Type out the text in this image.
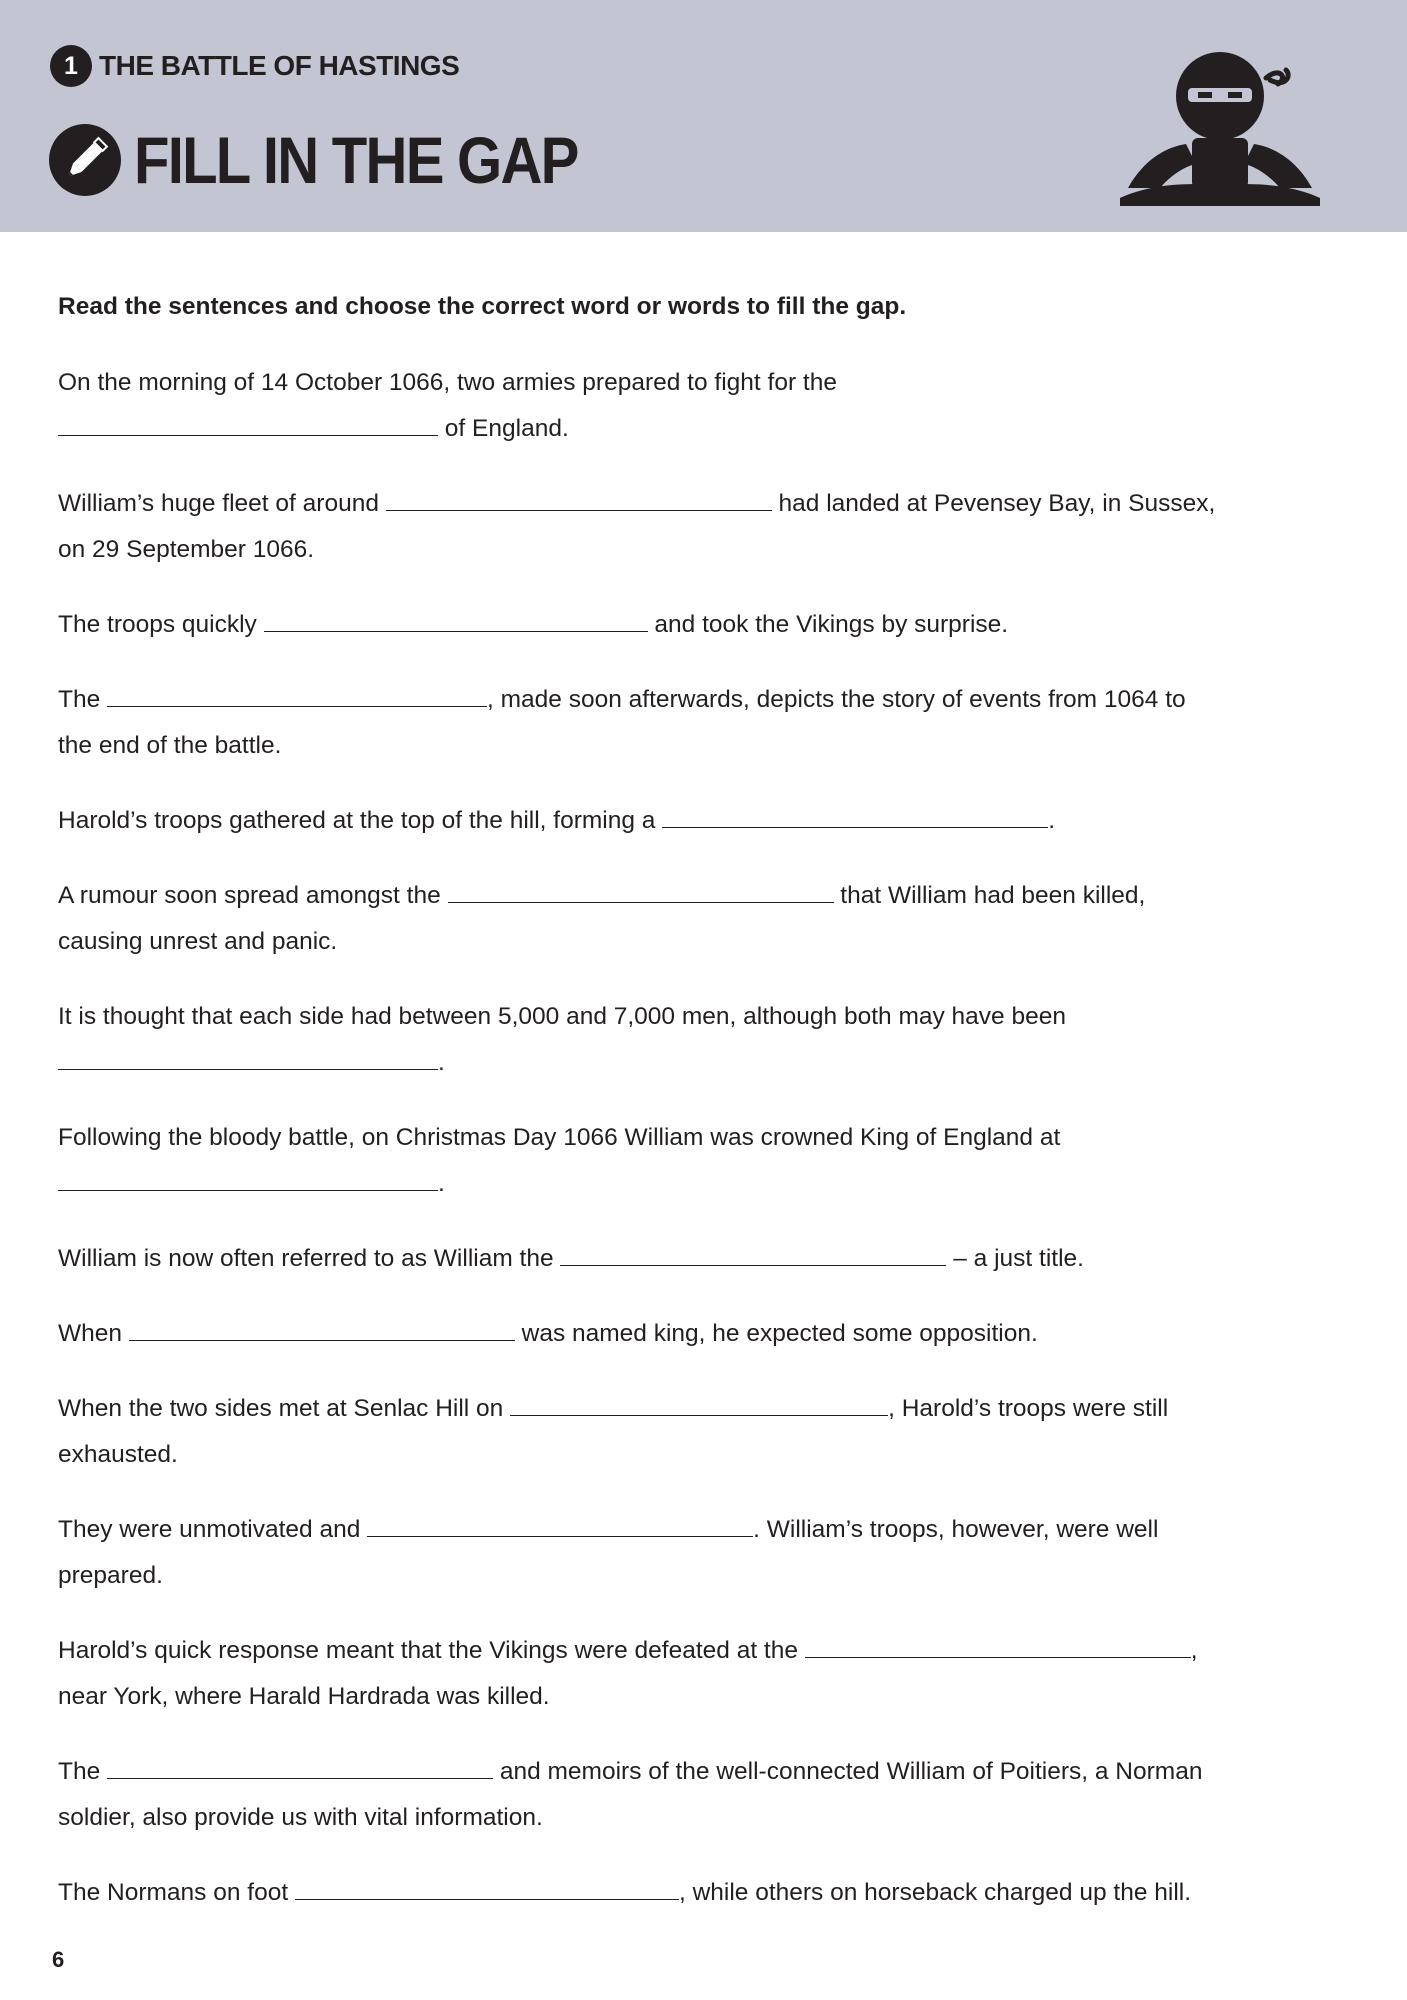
1 THE BATTLE OF HASTINGS
FILL IN THE GAP
Read the sentences and choose the correct word or words to fill the gap.
On the morning of 14 October 1066, two armies prepared to fight for the
of England.
William’s huge fleet of around	had landed at Pevensey Bay, in Sussex,
on 29 September 1066.
The troops quickly	and took the Vikings by surprise.
The	, made soon afterwards, depicts the story of events from 1064 to
the end of the battle.
Harold’s troops gathered at the top of the hill, forming a	.
A rumour soon spread amongst the	that William had been killed,
causing unrest and panic.
It is thought that each side had between 5,000 and 7,000 men, although both may have been
.
Following the bloody battle, on Christmas Day 1066 William was crowned King of England at
.
William is now often referred to as William the	– a just title.
When	was named king, he expected some opposition.
When the two sides met at Senlac Hill on	, Harold’s troops were still
exhausted.
They were unmotivated and	. William’s troops, however, were well
prepared.
Harold’s quick response meant that the Vikings were defeated at the	,
near York, where Harald Hardrada was killed.
The	and memoirs of the well-connected William of Poitiers, a Norman
soldier, also provide us with vital information.
The Normans on foot	, while others on horseback charged up the hill.
6
